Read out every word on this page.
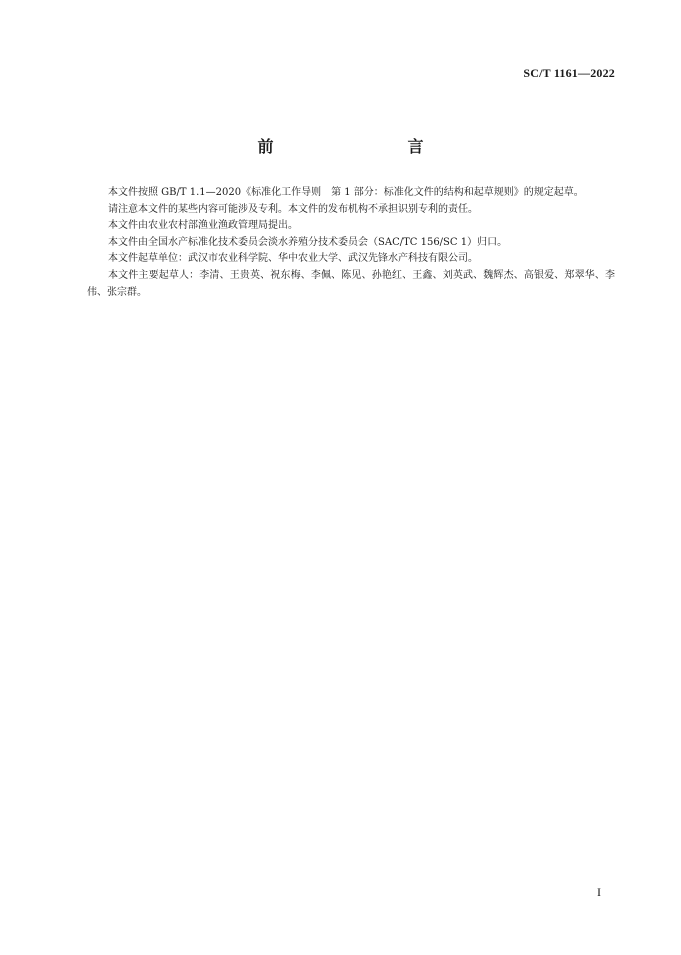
SC/T 1161—2022
前　　言

本文件按照 GB/T 1.1—2020《标准化工作导则　第 1 部分：标准化文件的结构和起草规则》的规定起草。

请注意本文件的某些内容可能涉及专利。本文件的发布机构不承担识别专利的责任。

本文件由农业农村部渔业渔政管理局提出。

本文件由全国水产标准化技术委员会淡水养殖分技术委员会（SAC/TC 156/SC 1）归口。

本文件起草单位：武汉市农业科学院、华中农业大学、武汉先锋水产科技有限公司。

本文件主要起草人：李清、王贵英、祝东梅、李佩、陈见、孙艳红、王鑫、刘英武、魏辉杰、高银爱、郑翠华、李伟、张宗群。

I
